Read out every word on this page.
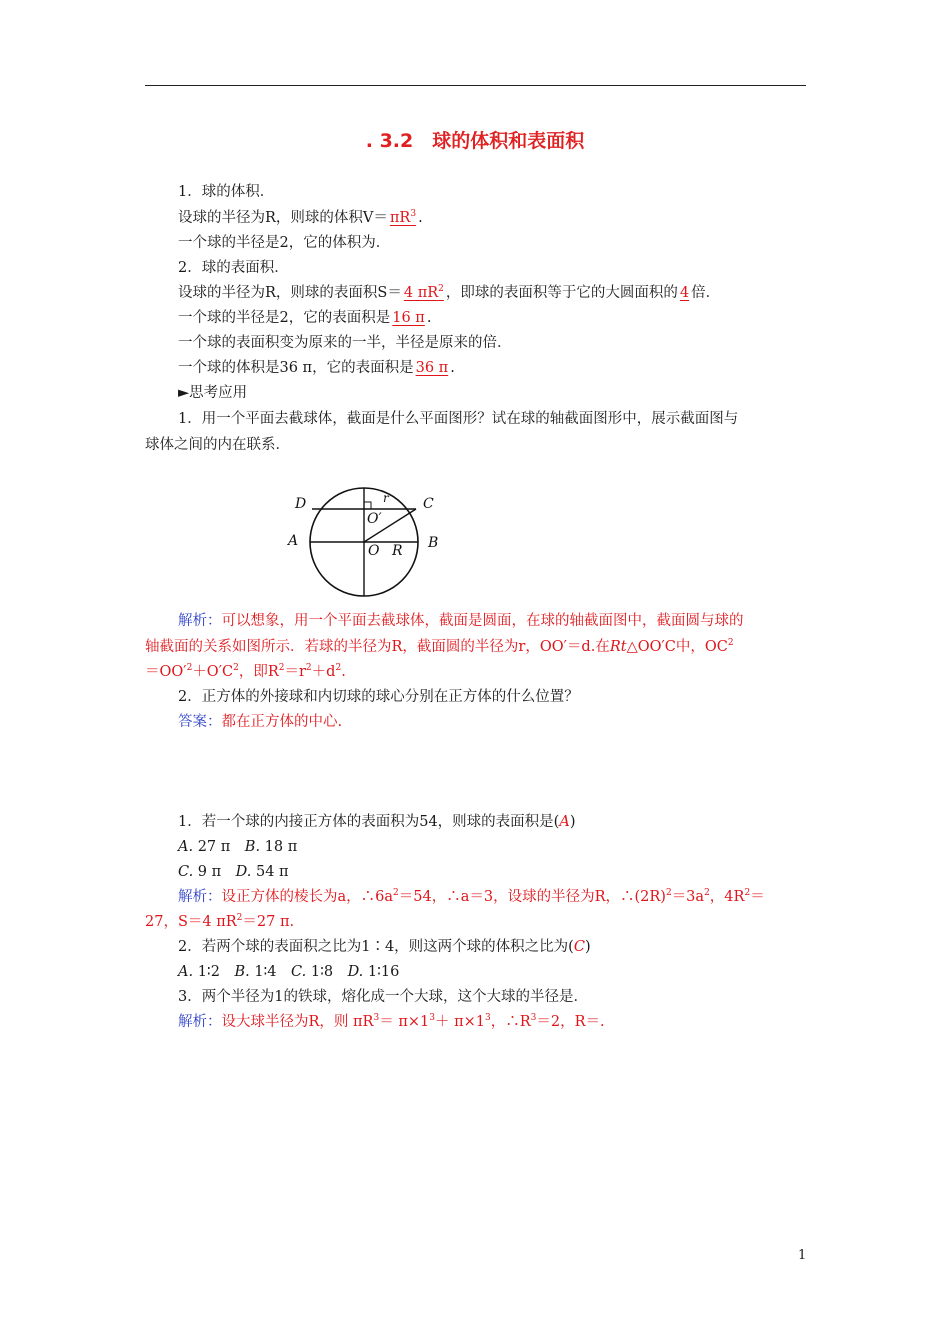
. 3.2　球的体积和表面积
1．球的体积．
设球的半径为R，则球的体积$V= \pi R^3$ .
一个球的半径是2，它的体积为．
2．球的表面积．
设球的半径为R，则球的表面积S＝ 4 $\pi R^2$ ，即球的表面积等于它的大圆面积的 4 倍．
一个球的半径是2，它的表面积是 16 π .
一个球的表面积变为原来的一半，半径是原来的倍．
一个球的体积是36 π，它的表面积是 36 π .
►思考应用
1．用一个平面去截球体，截面是什么平面图形？试在球的轴截面图形中，展示截面图与
球体之间的内在联系．
D	C
A	B
O
O′
r
R
解析：可以想象，用一个平面去截球体，截面是圆面，在球的轴截面图中，截面圆与球的
轴截面的关系如图所示．若球的半径为R，截面圆的半径为r，OO′＝d.在Rt△OO′C中，$OC^2$
$=OO'^2+O'C^2$，即$R^2=r^2+d^2$.
2．正方体的外接球和内切球的球心分别在正方体的什么位置？
答案：都在正方体的中心.
1．若一个球的内接正方体的表面积为54，则球的表面积是(A)
A. 27 π　 B. 18 π
C. 9 π　 D. 54 π
解析：设正方体的棱长为a，$\therefore 6a^2=54$，∴a＝3，设球的半径为R，$\therefore(2R)^2=3a^2$，$4R^2=$
27，S＝4 $\pi R^2=27$ π.
2．若两个球的表面积之比为1∶4，则这两个球的体积之比为(C)
A. 1∶2　 B. 1∶4　 C. 1∶8　 D. 1∶16
3．两个半径为1的铁球，熔化成一个大球，这个大球的半径是．
解析：设大球半径为R，则 $\pi R^3= \pi\times 1^3+ \pi\times 1^3$，$\therefore R^3=2$，R＝.
1
